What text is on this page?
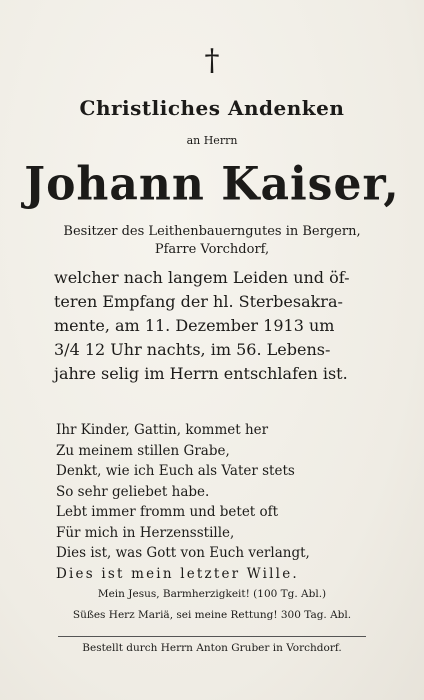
†
Christliches Andenken
an Herrn
Johann Kaiser,
Besitzer des Leithenbauerngutes in Bergern,
Pfarre Vorchdorf,
welcher nach langem Leiden und öf-
teren Empfang der hl. Sterbesakra-
mente, am 11. Dezember 1913 um
3/4 12 Uhr nachts, im 56. Lebens-
jahre selig im Herrn entschlafen ist.
Ihr Kinder, Gattin, kommet her
Zu meinem stillen Grabe,
Denkt, wie ich Euch als Vater stets
So sehr geliebet habe.
Lebt immer fromm und betet oft
Für mich in Herzensstille,
Dies ist, was Gott von Euch verlangt,
Dies ist mein letzter Wille.
Mein Jesus, Barmherzigkeit! (100 Tg. Abl.)
Süßes Herz Mariä, sei meine Rettung! 300 Tag. Abl.
Bestellt durch Herrn Anton Gruber in Vorchdorf.
